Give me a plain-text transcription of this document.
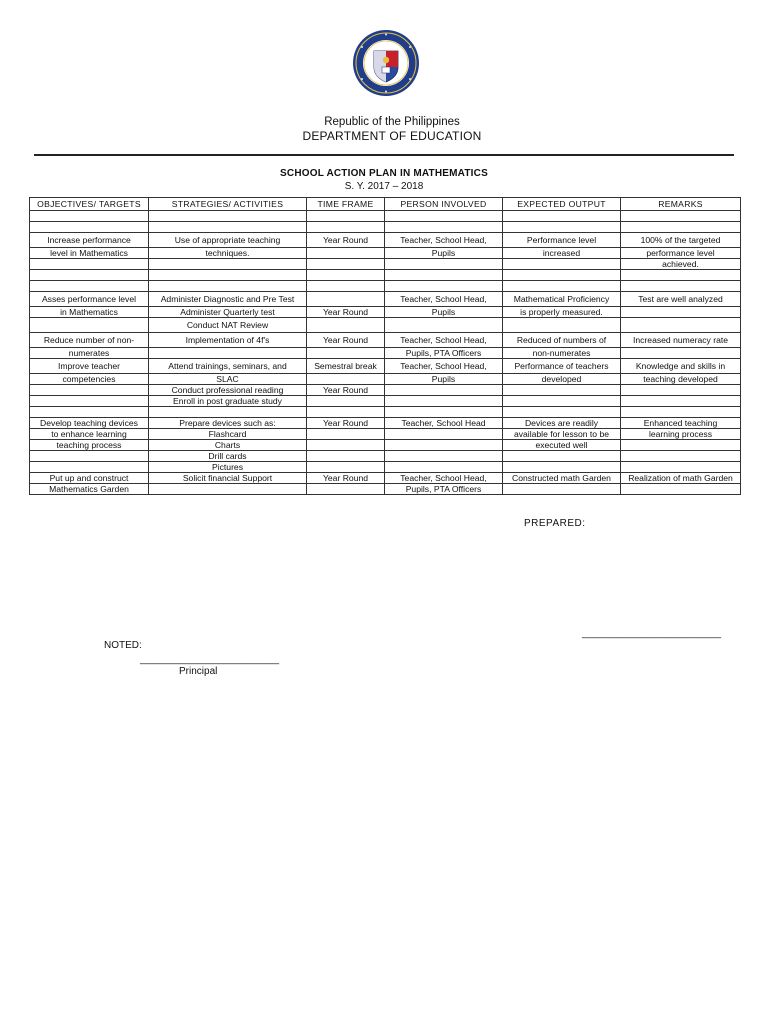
Republic of the Philippines
DEPARTMENT OF EDUCATION
SCHOOL ACTION PLAN IN MATHEMATICS
S. Y. 2017 – 2018
OBJECTIVES/ TARGETS	STRATEGIES/ ACTIVITIES	TIME FRAME	PERSON INVOLVED	EXPECTED OUTPUT	REMARKS

Increase performance	Use of appropriate teaching	Year Round	Teacher, School Head,	Performance level	100% of the targeted
level in Mathematics	techniques.		Pupils	increased	performance level
					achieved.

Asses performance level	Administer Diagnostic and Pre Test		Teacher, School Head,	Mathematical Proficiency	Test are well analyzed
in Mathematics	Administer Quarterly test	Year Round	Pupils	is properly measured.	
	Conduct NAT Review				
Reduce number of non-	Implementation of 4f's	Year Round	Teacher, School Head,	Reduced of numbers of	Increased numeracy rate
numerates			Pupils, PTA Officers	non-numerates	
Improve teacher	Attend trainings, seminars, and	Semestral break	Teacher, School Head,	Performance of teachers	Knowledge and skills in
competencies	SLAC		Pupils	developed	teaching developed
	Conduct professional reading	Year Round			
	Enroll in post graduate study				

Develop teaching devices	Prepare devices such as:	Year Round	Teacher, School Head	Devices are readily	Enhanced teaching
to enhance learning	Flashcard			available for lesson to be	learning process
teaching process	Charts			executed well	
	Drill cards				
	Pictures				
Put up and construct	Solicit financial Support	Year Round	Teacher, School Head,	Constructed math Garden	Realization of math Garden
Mathematics Garden			Pupils, PTA Officers		
PREPARED:
_________________________
NOTED:
_________________________
Principal
